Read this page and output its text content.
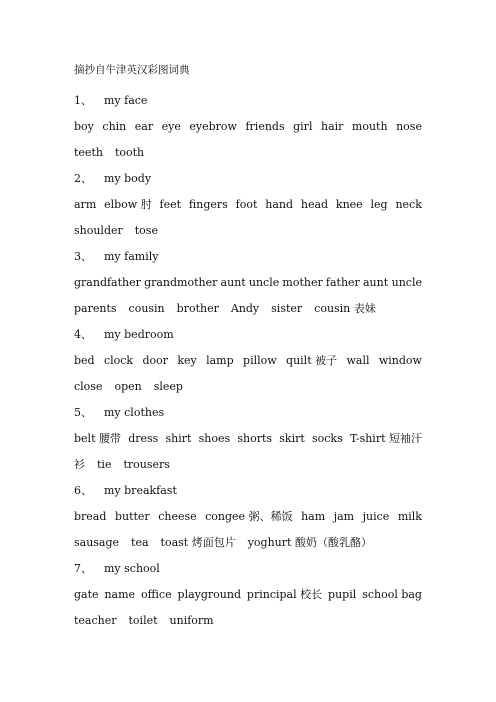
摘抄自牛津英汉彩图词典
1、 my face
boy chin ear eye eyebrow friends girl hair mouth nose
teeth tooth
2、 my body
arm elbow 肘 feet fingers foot hand head knee leg neck
shoulder tose
3、 my family
grandfather grandmother aunt uncle mother father aunt uncle
parents cousin brother Andy sister cousin 表妹
4、 my bedroom
bed clock door key lamp pillow quilt 被子 wall window
close open sleep
5、 my clothes
belt 腰带 dress shirt shoes shorts skirt socks T-shirt 短袖汗
衫 tie trousers
6、 my breakfast
bread butter cheese congee 粥、稀饭 ham jam juice milk
sausage tea toast 烤面包片 yoghurt 酸奶（酸乳酪）
7、 my school
gate name office playground principal 校长 pupil school bag
teacher toilet uniform
